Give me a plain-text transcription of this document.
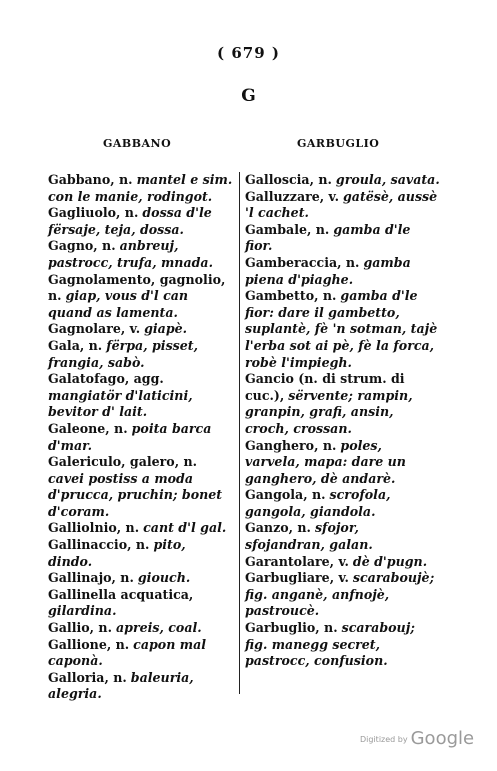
( 679 )
G
GABBANO	GARBUGLIO
Gabbano, n. mantel e sim. con le manie, rodingot.
Gagliuolo, n. dossa d'le fërsaje, teja, dossa.
Gagno, n. anbreuj, pastrocc, trufa, mnada.
Gagnolamento, gagnolio, n. giap, vous d'l can quand as lamenta.
Gagnolare, v. giapè.
Gala, n. fërpa, pisset, frangia, sabò.
Galatofago, agg. mangiatör d'laticini, bevitor d' lait.
Galeone, n. poita barca d'mar.
Galericulo, galero, n. cavei postiss a moda d'prucca, pruchin; bonet d'coram.
Galliolnio, n. cant d'l gal.
Gallinaccio, n. pito, dindo.
Gallinajo, n. giouch.
Gallinella acquatica, gilardina.
Gallio, n. apreis, coal.
Gallione, n. capon mal caponà.
Galloria, n. baleuria, alegria.
Galloscia, n. groula, savata.
Galluzzare, v. gatësè, aussè 'l cachet.
Gambale, n. gamba d'le fior.
Gamberaccia, n. gamba piena d'piaghe.
Gambetto, n. gamba d'le fior: dare il gambetto, suplantè, fè 'n sotman, tajè l'erba sot ai pè, fè la forca, robè l'impiegh.
Gancio (n. di strum. di cuc.), sërvente; rampin, granpin, grafi, ansin, croch, crossan.
Ganghero, n. poles, varvela, mapa: dare un ganghero, dè andarè.
Gangola, n. scrofola, gangola, giandola.
Ganzo, n. sfojor, sfojandran, galan.
Garantolare, v. dè d'pugn.
Garbugliare, v. scaraboujè; fig. anganè, anfnojè, pastroucè.
Garbuglio, n. scarabouj; fig. manegg secret, pastrocc, confusion.
Digitized by Google
